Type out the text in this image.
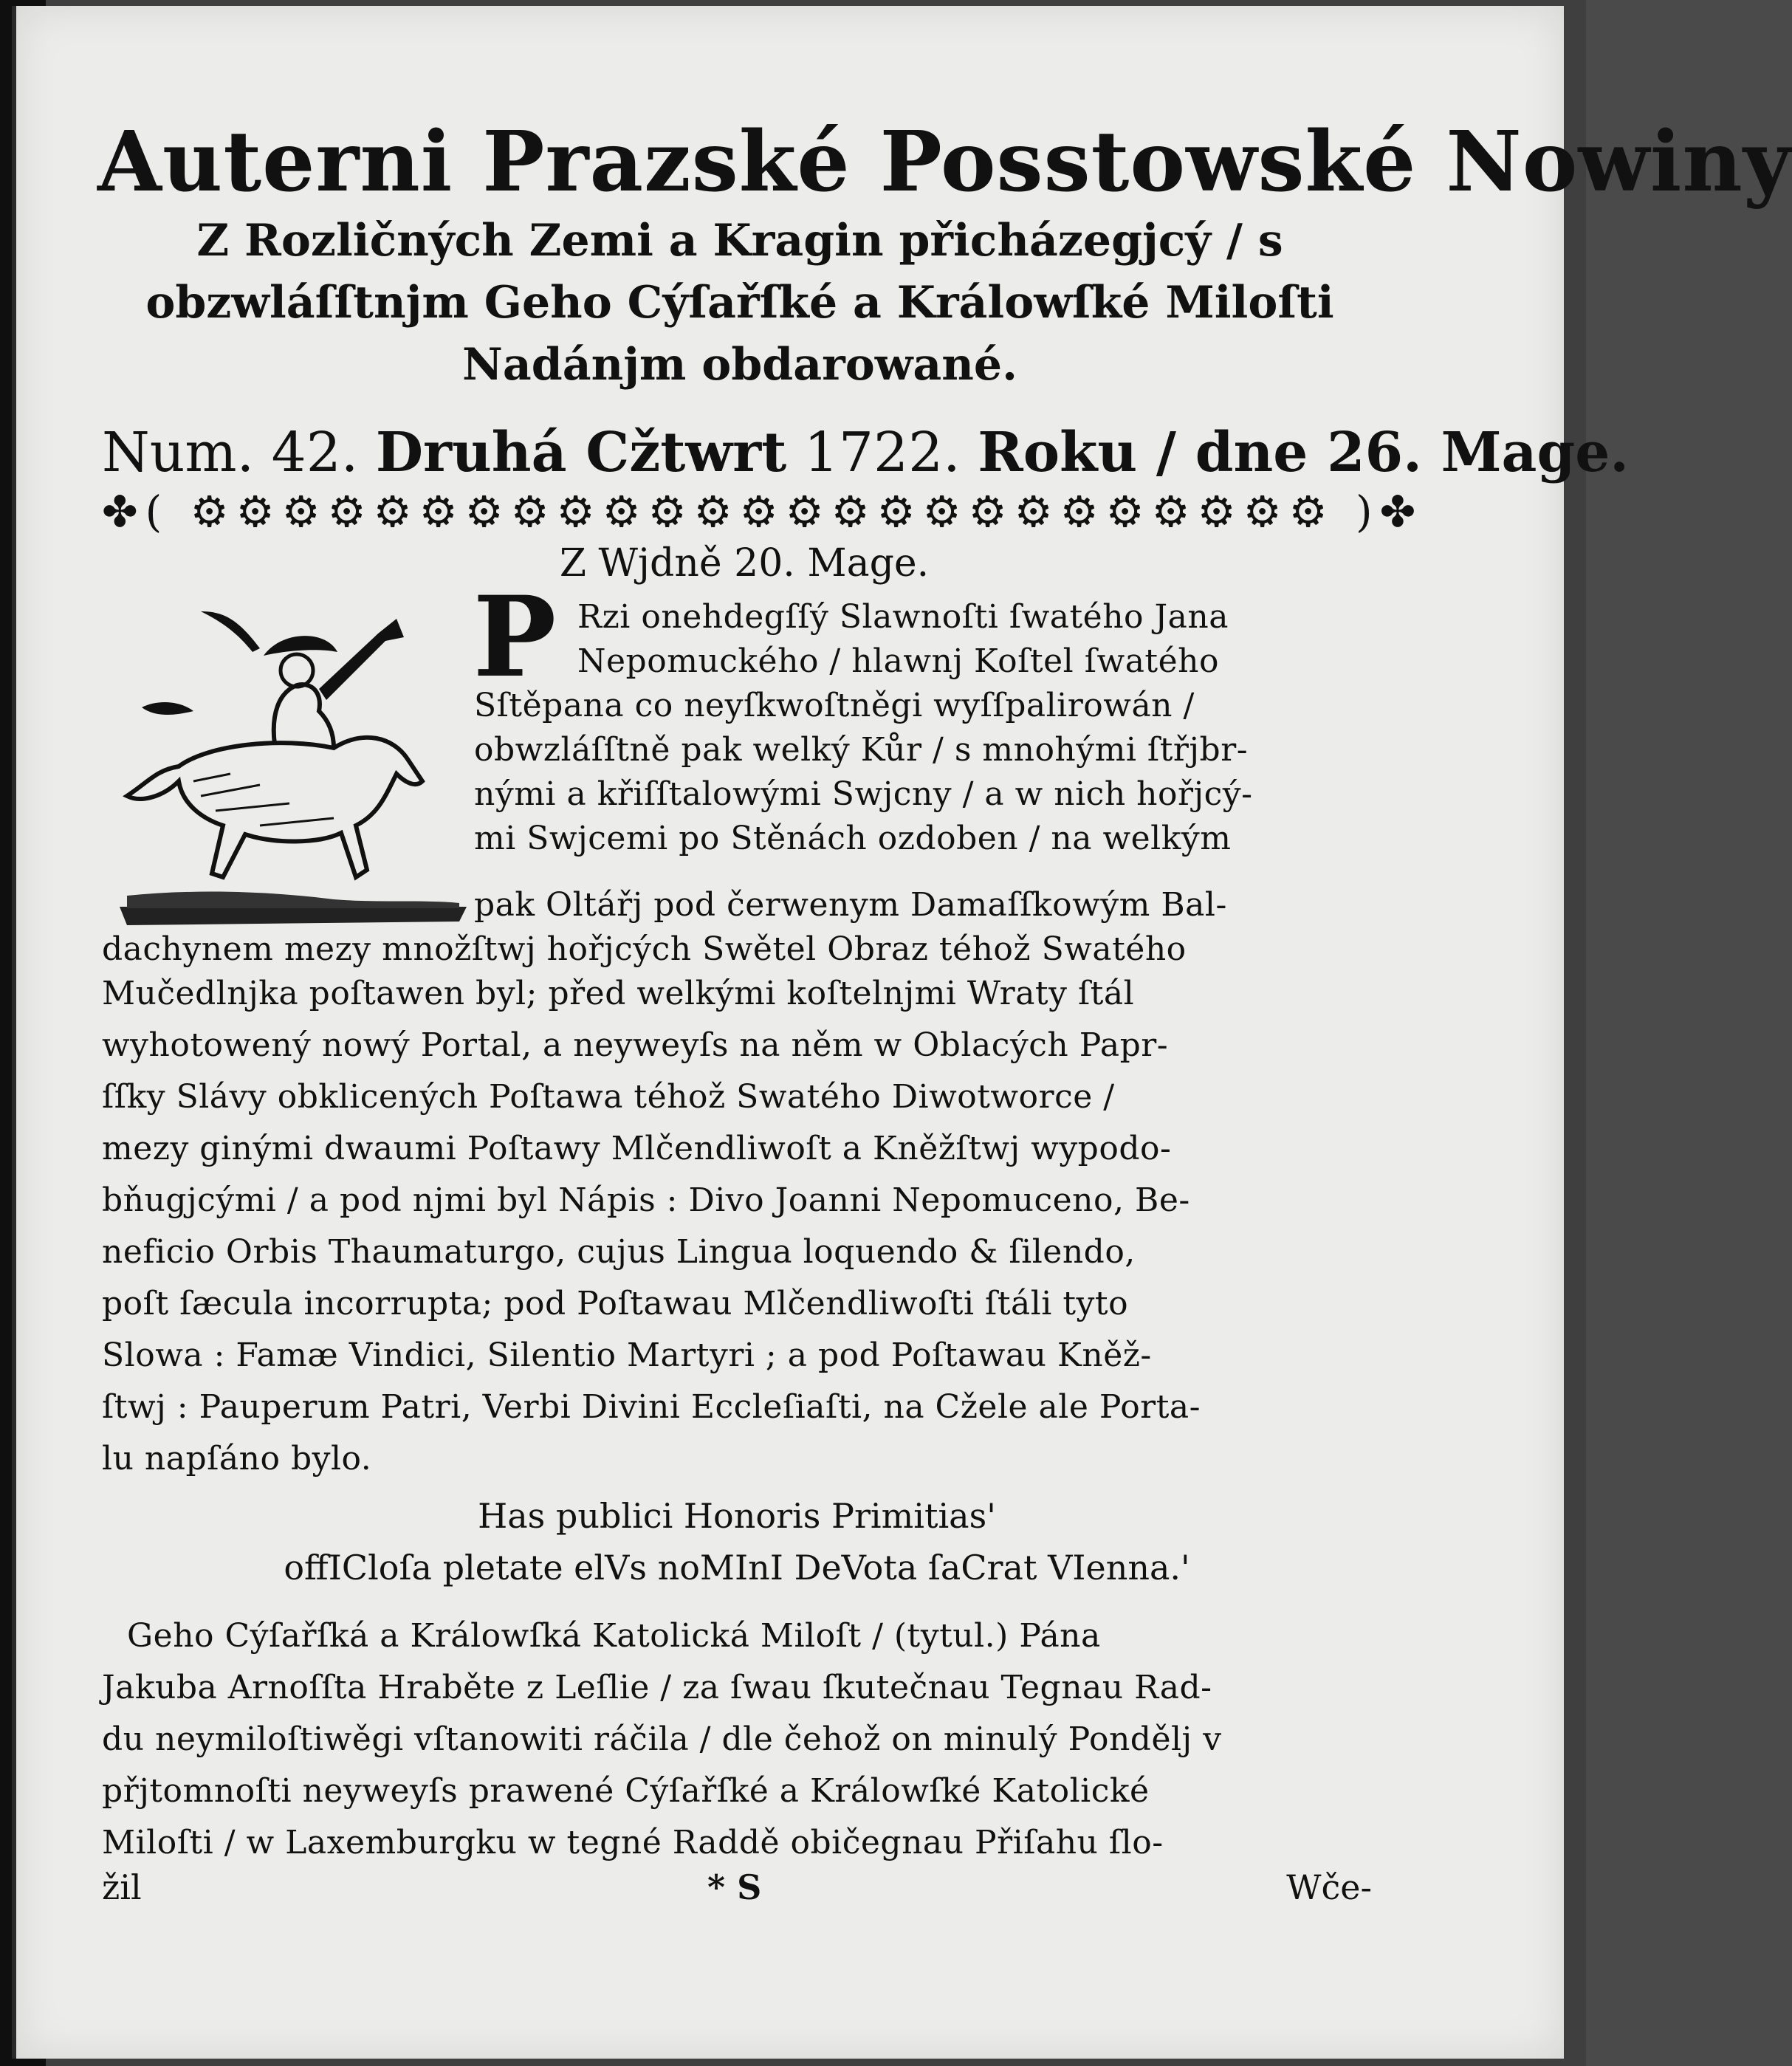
Auterni Prazské Posstowské Nowiny
Z Rozličných Zemi a Kragin přicházegjcý / s
obzwláſſtnjm Geho Cýſařſké a Králowſké Miloſti
Nadánjm obdarowané.
Num. 42. Druhá Cžtwrt 1722. Roku / dne 26. Mage.
✤( ⚙⚙⚙⚙⚙⚙⚙⚙⚙⚙⚙⚙⚙⚙⚙⚙⚙⚙⚙⚙⚙⚙⚙⚙⚙ )✤
Z Wjdně 20. Mage.
P Rzi onehdegſſý Slawnoſti ſwatého Jana
Nepomuckého / hlawnj Koſtel ſwatého
Sſtěpana co neyſkwoſtněgi wyſſpalirowán /
obwzláſſtně pak welký Kůr / s mnohými ſtřjbr-
nými a křiſſtalowými Swjcny / a w nich hořjcý-
mi Swjcemi po Stěnách ozdoben / na welkým
pak Oltářj pod čerwenym Damaſſkowým Bal-
dachynem mezy množſtwj hořjcých Swětel Obraz téhož Swatého
Mučedlnjka poſtawen byl; před welkými koſtelnjmi Wraty ſtál
wyhotowený nowý Portal, a neyweyſs na něm w Oblacých Papr-
ſſky Slávy obklicených Poſtawa téhož Swatého Diwotworce /
mezy ginými dwaumi Poſtawy Mlčendliwoſt a Kněžſtwj wypodo-
bňugjcými / a pod njmi byl Nápis : Divo Joanni Nepomuceno, Be-
neficio Orbis Thaumaturgo, cujus Lingua loquendo & ſilendo,
poſt ſæcula incorrupta; pod Poſtawau Mlčendliwoſti ſtáli tyto
Slowa : Famæ Vindici, Silentio Martyri ; a pod Poſtawau Kněž-
ſtwj : Pauperum Patri, Verbi Divini Eccleſiaſti, na Cžele ale Porta-
lu napſáno bylo.
Has publici Honoris Primitias'
offICloſa pletate elVs noMInI DeVota ſaCrat VIenna.'
Geho Cýſařſká a Králowſká Katolická Miloſt / (tytul.) Pána
Jakuba Arnoſſta Hraběte z Leſlie / za ſwau ſkutečnau Tegnau Rad-
du neymiloſtiwěgi vſtanowiti ráčila / dle čehož on minulý Pondělj v
přjtomnoſti neyweyſs prawené Cýſařſké a Králowſké Katolické
Miloſti / w Laxemburgku w tegné Raddě običegnau Přiſahu ſlo-
žil	* S	Wče-
